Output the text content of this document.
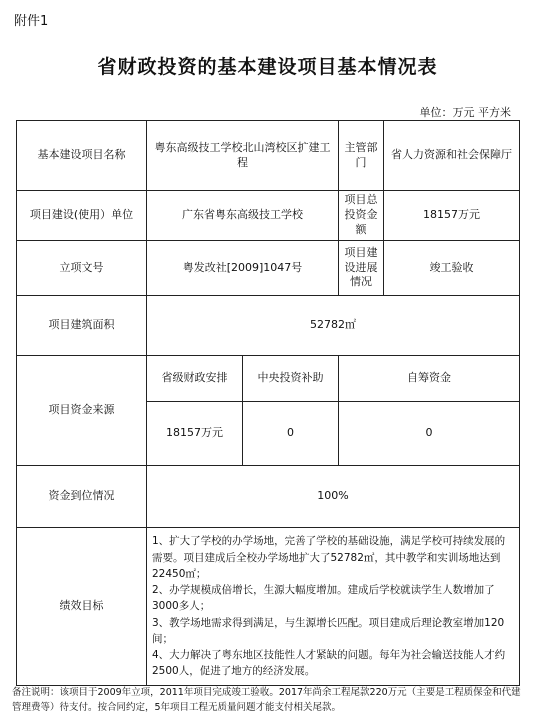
附件1
省财政投资的基本建设项目基本情况表
单位：万元 平方米
基本建设项目名称	粤东高级技工学校北山湾校区扩建工程		主管部门	省人力资源和社会保障厅
项目建设(使用）单位	广东省粤东高级技工学校		项目总投资金额	18157万元
立项文号	粤发改社[2009]1047号		项目建设进展情况	竣工验收
项目建筑面积	52782㎡			
项目资金来源	省级财政安排	中央投资补助	自筹资金	
	18157万元	0	0	
资金到位情况	100%			
绩效目标	1、扩大了学校的办学场地，完善了学校的基础设施，满足学校可持续发展的需要。项目建成后全校办学场地扩大了52782㎡，其中教学和实训场地达到22450㎡；

2、办学规模成倍增长，生源大幅度增加。建成后学校就读学生人数增加了3000多人；

3、教学场地需求得到满足，与生源增长匹配。项目建成后理论教室增加120间；

4、大力解决了粤东地区技能性人才紧缺的问题。每年为社会输送技能人才约2500人，促进了地方的经济发展。			

备注说明：该项目于2009年立项，2011年项目完成竣工验收。2017年尚余工程尾款220万元（主要是工程质保金和代建管理费等）待支付。按合同约定，5年项目工程无质量问题才能支付相关尾款。
